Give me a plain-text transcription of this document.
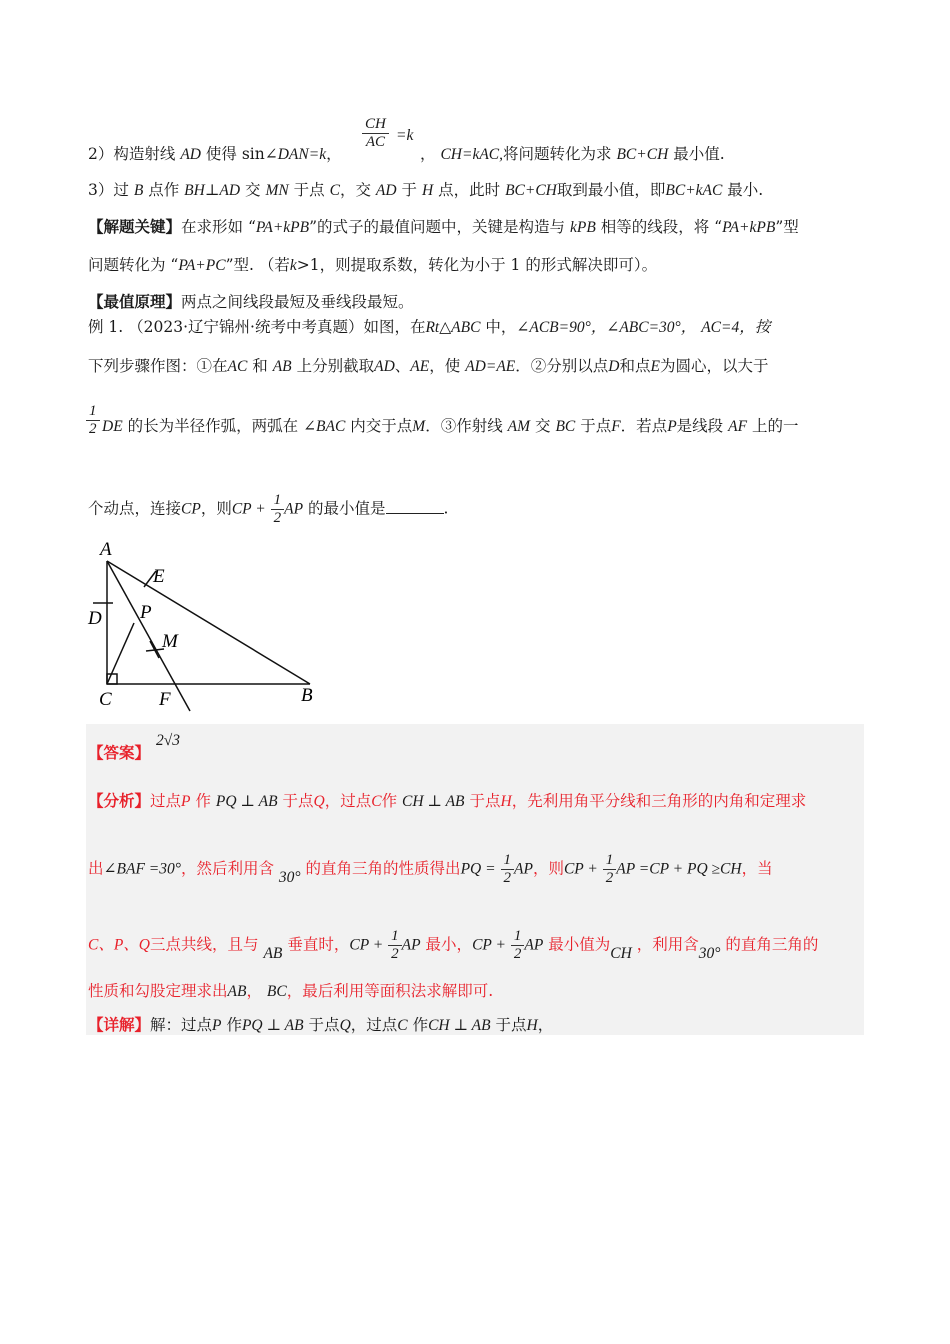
2）构造射线 AD 使得 sin∠DAN=k，
$\frac{CH}{AC} =k$
， CH=kAC,将问题转化为求 BC+CH 最小值.
3）过 B 点作 BH⊥AD 交 MN 于点 C，交 AD 于 H 点，此时 BC+CH取到最小值，即BC+kAC 最小.
【解题关键】在求形如 “PA+kPB”的式子的最值问题中，关键是构造与 kPB 相等的线段，将 “PA+kPB”型
问题转化为 “PA+PC”型. （若k>1，则提取系数，转化为小于 1 的形式解决即可）。
【最值原理】两点之间线段最短及垂线段最短。
例 1. （2023·辽宁锦州·统考中考真题）如图，在Rt△ABC 中，∠ACB=90°，∠ABC=30°， AC=4，按
下列步骤作图：①在AC 和 AB 上分别截取AD、AE，使 AD=AE．②分别以点D和点E为圆心，以大于
$\frac{1}{2}$ DE 的长为半径作弧，两弧在 ∠BAC 内交于点M．③作射线 AM 交 BC 于点F．若点P是线段 AF 上的一
个动点，连接CP，则CP + $\frac{1}{2}$ AP 的最小值是	.
A
D
E
P
M
C F	B
【答案】
2√3
【分析】过点P 作 PQ ⊥ AB 于点Q，过点C作 CH ⊥ AB 于点H，先利用角平分线和三角形的内角和定理求
出∠BAF =30°，然后利用含 30° 的直角三角的性质得出PQ = $\frac{1}{2}$ AP，则CP + $\frac{1}{2}$ AP =CP + PQ ≥CH，当
C、P、Q三点共线，且与 AB 垂直时，CP + $\frac{1}{2}$ AP 最小，CP + $\frac{1}{2}$ AP 最小值为CH ，利用含30° 的直角三角的
性质和勾股定理求出AB， BC，最后利用等面积法求解即可.
【详解】解：过点P 作PQ ⊥ AB 于点Q，过点C 作CH ⊥ AB 于点H，
